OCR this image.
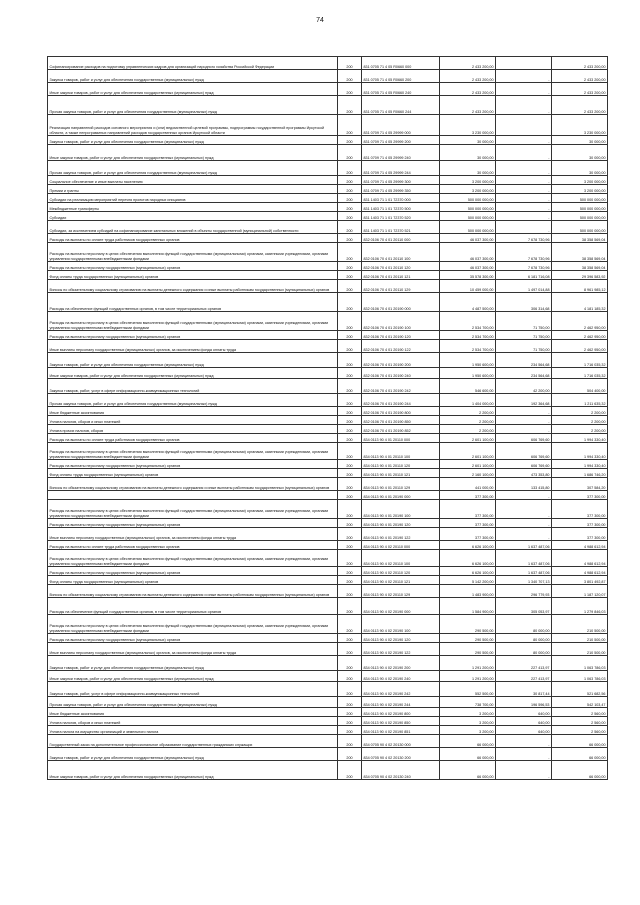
74
Софинансирование расходов на подготовку управленческих кадров для организаций народного хозяйства Российской Федерации	200	831 0705 71 4 05 R0660 000	2 433 200,00		2 433 200,00
Закупка товаров, работ и услуг для обеспечения государственных (муниципальных) нужд	200	831 0705 71 4 05 R0660 200	2 433 200,00	-	2 433 200,00
Иные закупки товаров, работ и услуг для обеспечения государственных (муниципальных) нужд	200	831 0705 71 4 05 R0660 240	2 433 200,00	-	2 433 200,00
Прочая закупка товаров, работ и услуг для обеспечения государственных (муниципальных) нужд	200	831 0705 71 4 05 R0660 244	2 433 200,00	-	2 433 200,00
Реализация направлений расходов основного мероприятия и (или) ведомственной целевой программы, подпрограммы государственной программы Иркутской области, а также непрограммных направлений расходов государственных органов Иркутской области	200	831 0709 71 4 05 29999 000	3 230 000,00		3 230 000,00
Закупка товаров, работ и услуг для обеспечения государственных (муниципальных) нужд	200	831 0709 71 4 05 29999 200	30 000,00	-	30 000,00
Иные закупки товаров, работ и услуг для обеспечения государственных (муниципальных) нужд	200	831 0709 71 4 05 29999 240	30 000,00	-	30 000,00
Прочая закупка товаров, работ и услуг для обеспечения государственных (муниципальных) нужд	200	831 0709 71 4 05 29999 244	30 000,00	-	30 000,00
Социальное обеспечение и иные выплаты населению	200	831 0709 71 4 05 29999 300	3 200 000,00	-	3 200 000,00
Премии и гранты	200	831 0709 71 4 05 29999 350	3 200 000,00	-	3 200 000,00
Субсидии на реализацию мероприятий перечня проектов народных инициатив	200	831 1403 71 1 01 72370 000	500 000 000,00	-	500 000 000,00
Межбюджетные трансферты	200	831 1403 71 1 01 72370 500	500 000 000,00	-	500 000 000,00
Субсидии	200	831 1403 71 1 01 72370 520	500 000 000,00	-	500 000 000,00
Субсидии, за исключением субсидий на софинансирование капитальных вложений в объекты государственной (муниципальной) собственности	200	831 1403 71 1 01 72370 521	500 000 000,00	-	500 000 000,00
Расходы на выплаты по оплате труда работников государственных органов	200	832 0106 70 4 01 20110 000	46 037 300,00	7 678 730,96	38 358 569,04
Расходы на выплаты персоналу в целях обеспечения выполнения функций государственными (муниципальными) органами, казенными учреждениями, органами управления государственными внебюджетными фондами	200	832 0106 70 4 01 20110 100	46 037 300,00	7 678 730,96	38 358 569,04
Расходы на выплаты персоналу государственных (муниципальных) органов	200	832 0106 70 4 01 20110 120	46 037 300,00	7 678 730,96	38 358 569,04
Фонд оплаты труда государственных (муниципальных) органов	200	832 0106 70 4 01 20110 121	35 578 300,00	6 181 716,08	29 396 583,92
Взносы по обязательному социальному страхованию на выплаты денежного содержания и иные выплаты работникам государственных (муниципальных) органов	200	832 0106 70 4 01 20110 129	10 459 000,00	1 497 014,88	8 961 985,12
Расходы на обеспечение функций государственных органов, в том числе территориальных органов	200	832 0106 70 4 01 20190 000	4 487 500,00	306 314,68	4 181 185,32
Расходы на выплаты персоналу в целях обеспечения выполнения функций государственными (муниципальными) органами, казенными учреждениями, органами управления государственными внебюджетными фондами	200	832 0106 70 4 01 20190 100	2 534 700,00	71 750,00	2 462 950,00
Расходы на выплаты персоналу государственных (муниципальных) органов	200	832 0106 70 4 01 20190 120	2 534 700,00	71 750,00	2 462 950,00
Иные выплаты персоналу государственных (муниципальных) органов, за исключением фонда оплаты труда	200	832 0106 70 4 01 20190 122	2 534 700,00	71 750,00	2 462 950,00
Закупка товаров, работ и услуг для обеспечения государственных (муниципальных) нужд	200	832 0106 70 4 01 20190 200	1 950 600,00	234 564,68	1 716 035,32
Иные закупки товаров, работ и услуг для обеспечения государственных (муниципальных) нужд	200	832 0106 70 4 01 20190 240	1 950 600,00	234 564,68	1 716 035,32
Закупка товаров, работ, услуг в сфере информационно-коммуникационных технологий	200	832 0106 70 4 01 20190 242	546 600,00	42 200,00	504 400,00
Прочая закупка товаров, работ и услуг для обеспечения государственных (муниципальных) нужд	200	832 0106 70 4 01 20190 244	1 404 000,00	192 364,68	1 211 635,32
Иные бюджетные ассигнования	200	832 0106 70 4 01 20190 800	2 200,00	-	2 200,00
Уплата налогов, сборов и иных платежей	200	832 0106 70 4 01 20190 850	2 200,00	-	2 200,00
Уплата прочих налогов, сборов	200	832 0106 70 4 01 20190 852	2 200,00	-	2 200,00
Расходы на выплаты по оплате труда работников государственных органов	200	834 0113 90 4 01 20110 000	2 601 100,00	606 769,60	1 994 330,40
Расходы на выплаты персоналу в целях обеспечения выполнения функций государственными (муниципальными) органами, казенными учреждениями, органами управления государственными внебюджетными фондами	200	834 0113 90 4 01 20110 100	2 601 100,00	606 769,60	1 994 330,40
Расходы на выплаты персоналу государственных (муниципальных) органов	200	834 0113 90 4 01 20110 120	2 601 100,00	606 769,60	1 994 330,40
Фонд оплаты труда государственных (муниципальных) органов	200	834 0113 90 4 01 20110 121	2 160 100,00	473 353,80	1 686 746,20
Взносы по обязательному социальному страхованию на выплаты денежного содержания и иные выплаты работникам государственных (муниципальных) органов	200	834 0113 90 4 01 20110 129	441 000,00	133 415,80	307 584,20
	200	834 0113 90 4 01 20190 000	377 300,00	-	377 300,00
Расходы на выплаты персоналу в целях обеспечения выполнения функций государственными (муниципальными) органами, казенными учреждениями, органами управления государственными внебюджетными фондами	200	834 0113 90 4 01 20190 100	377 300,00	-	377 300,00
Расходы на выплаты персоналу государственных (муниципальных) органов	200	834 0113 90 4 01 20190 120	377 300,00	-	377 300,00
Иные выплаты персоналу государственных (муниципальных) органов, за исключением фонда оплаты труда	200	834 0113 90 4 01 20190 122	377 300,00	-	377 300,00
Расходы на выплаты по оплате труда работников государственных органов	200	834 0113 90 4 02 20110 000	6 626 100,00	1 637 487,06	4 988 612,94
Расходы на выплаты персоналу в целях обеспечения выполнения функций государственными (муниципальными) органами, казенными учреждениями, органами управления государственными внебюджетными фондами	200	834 0113 90 4 02 20110 100	6 626 100,00	1 637 487,06	4 988 612,94
Расходы на выплаты персоналу государственных (муниципальных) органов	200	834 0113 90 4 02 20110 120	6 626 100,00	1 637 487,06	4 988 612,94
Фонд оплаты труда государственных (муниципальных) органов	200	834 0113 90 4 02 20110 121	5 142 200,00	1 340 707,13	3 801 492,87
Взносы по обязательному социальному страхованию на выплаты денежного содержания и иные выплаты работникам государственных (муниципальных) органов	200	834 0113 90 4 02 20110 129	1 483 900,00	296 779,93	1 187 120,07
Расходы на обеспечение функций государственных органов, в том числе территориальных органов	200	834 0113 90 4 02 20190 000	1 584 900,00	305 053,97	1 279 846,03
Расходы на выплаты персоналу в целях обеспечения выполнения функций государственными (муниципальными) органами, казенными учреждениями, органами управления государственными внебюджетными фондами	200	834 0113 90 4 02 20190 100	290 500,00	80 000,00	210 500,00
Расходы на выплаты персоналу государственных (муниципальных) органов	200	834 0113 90 4 02 20190 120	290 500,00	80 000,00	210 500,00
Иные выплаты персоналу государственных (муниципальных) органов, за исключением фонда оплаты труда	200	834 0113 90 4 02 20190 122	290 500,00	80 000,00	210 500,00
Закупка товаров, работ и услуг для обеспечения государственных (муниципальных) нужд	200	834 0113 90 4 02 20190 200	1 291 200,00	227 413,97	1 063 786,03
Иные закупки товаров, работ и услуг для обеспечения государственных (муниципальных) нужд	200	834 0113 90 4 02 20190 240	1 291 200,00	227 413,97	1 063 786,03
Закупка товаров, работ, услуг в сфере информационно-коммуникационных технологий	200	834 0113 90 4 02 20190 242	552 500,00	30 817,44	521 682,56
Прочая закупка товаров, работ и услуг для обеспечения государственных (муниципальных) нужд	200	834 0113 90 4 02 20190 244	738 700,00	196 596,53	542 103,47
Иные бюджетные ассигнования	200	834 0113 90 4 02 20190 800	3 200,00	640,00	2 560,00
Уплата налогов, сборов и иных платежей	200	834 0113 90 4 02 20190 850	3 200,00	640,00	2 560,00
Уплата налога на имущество организаций и земельного налога	200	834 0113 90 4 02 20190 851	3 200,00	640,00	2 560,00
Государственный заказ на дополнительное профессиональное образование государственных гражданских служащих	200	834 0705 90 4 02 20130 000	66 000,00	-	66 000,00
Закупка товаров, работ и услуг для обеспечения государственных (муниципальных) нужд	200	834 0705 90 4 02 20130 200	66 000,00	-	66 000,00
Иные закупки товаров, работ и услуг для обеспечения государственных (муниципальных) нужд	200	834 0705 90 4 02 20130 240	66 000,00	-	66 000,00
